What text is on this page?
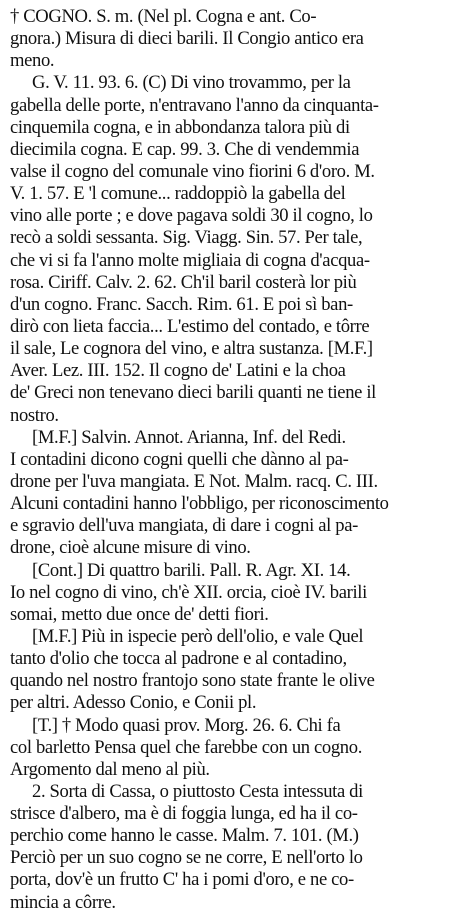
† COGNO. S. m. (Nel pl. Cogna e ant. Co-
gnora.) Misura di dieci barili. Il Congio antico era
meno.
G. V. 11. 93. 6. (C) Di vino trovammo, per la
gabella delle porte, n'entravano l'anno da cinquanta-
cinquemila cogna, e in abbondanza talora più di
diecimila cogna. E cap. 99. 3. Che di vendemmia
valse il cogno del comunale vino fiorini 6 d'oro. M.
V. 1. 57. E 'l comune... raddoppiò la gabella del
vino alle porte ; e dove pagava soldi 30 il cogno, lo
recò a soldi sessanta. Sig. Viagg. Sin. 57. Per tale,
che vi si fa l'anno molte migliaia di cogna d'acqua-
rosa. Ciriff. Calv. 2. 62. Ch'il baril costerà lor più
d'un cogno. Franc. Sacch. Rim. 61. E poi sì ban-
dirò con lieta faccia... L'estimo del contado, e tôrre
il sale, Le cognora del vino, e altra sustanza. [M.F.]
Aver. Lez. III. 152. Il cogno de' Latini e la choa
de' Greci non tenevano dieci barili quanti ne tiene il
nostro.
[M.F.] Salvin. Annot. Arianna, Inf. del Redi.
I contadini dicono cogni quelli che dànno al pa-
drone per l'uva mangiata. E Not. Malm. racq. C. III.
Alcuni contadini hanno l'obbligo, per riconoscimento
e sgravio dell'uva mangiata, di dare i cogni al pa-
drone, cioè alcune misure di vino.
[Cont.] Di quattro barili. Pall. R. Agr. XI. 14.
Io nel cogno di vino, ch'è XII. orcia, cioè IV. barili
somai, metto due once de' detti fiori.
[M.F.] Più in ispecie però dell'olio, e vale Quel
tanto d'olio che tocca al padrone e al contadino,
quando nel nostro frantojo sono state frante le olive
per altri. Adesso Conio, e Conii pl.
[T.] † Modo quasi prov. Morg. 26. 6. Chi fa
col barletto Pensa quel che farebbe con un cogno.
Argomento dal meno al più.
2. Sorta di Cassa, o piuttosto Cesta intessuta di
strisce d'albero, ma è di foggia lunga, ed ha il co-
perchio come hanno le casse. Malm. 7. 101. (M.)
Perciò per un suo cogno se ne corre, E nell'orto lo
porta, dov'è un frutto C' ha i pomi d'oro, e ne co-
mincia a côrre.
